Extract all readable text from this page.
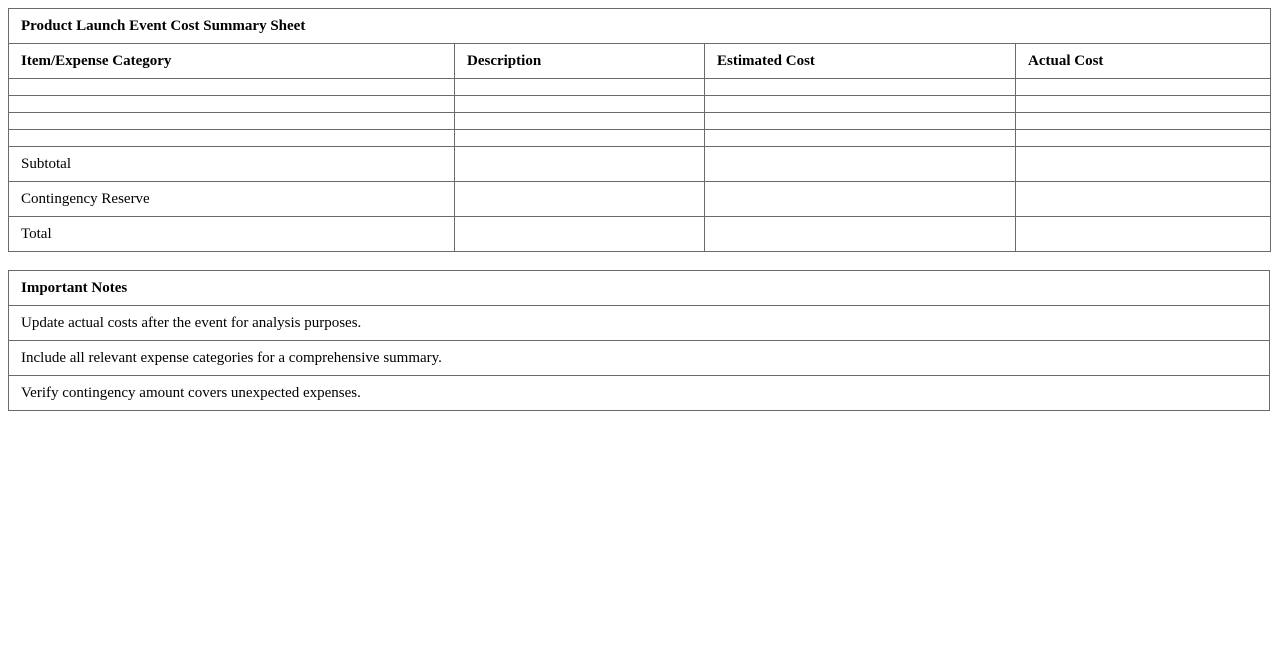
Product Launch Event Cost Summary Sheet			
Item/Expense Category	Description	Estimated Cost	Actual Cost

Subtotal			
Contingency Reserve			
Total			
Important Notes
Update actual costs after the event for analysis purposes.
Include all relevant expense categories for a comprehensive summary.
Verify contingency amount covers unexpected expenses.
